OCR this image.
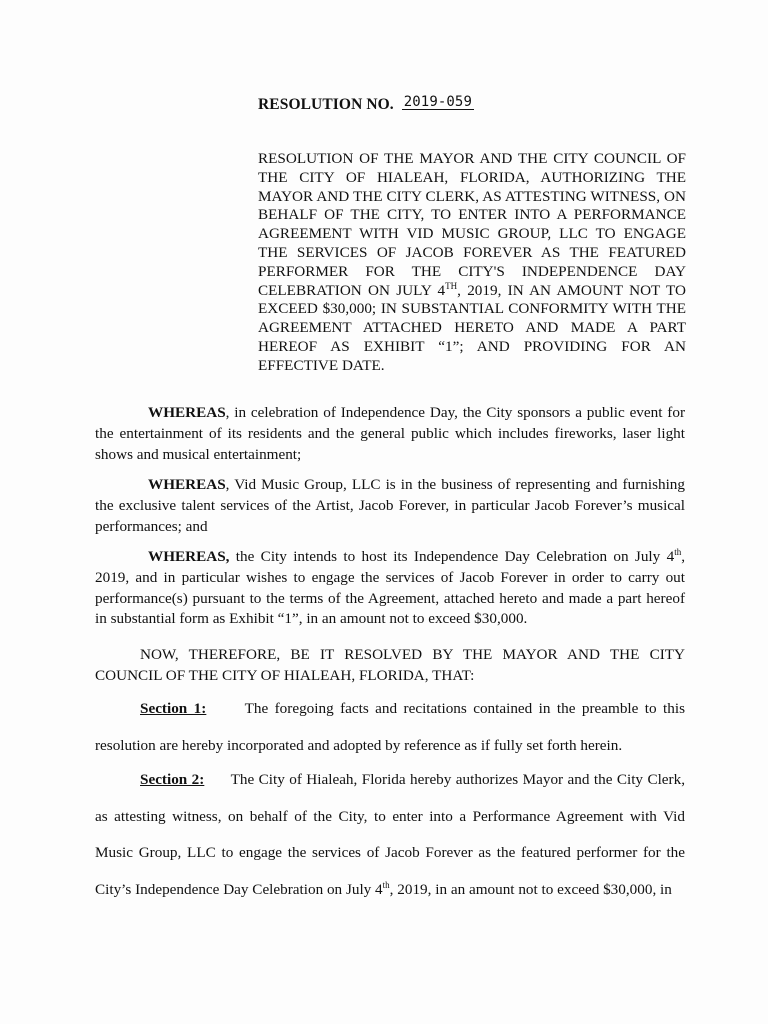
RESOLUTION NO. 2019-059
RESOLUTION OF THE MAYOR AND THE CITY COUNCIL OF
THE CITY OF HIALEAH, FLORIDA, AUTHORIZING THE
MAYOR AND THE CITY CLERK, AS ATTESTING WITNESS, ON
BEHALF OF THE CITY, TO ENTER INTO A PERFORMANCE
AGREEMENT WITH VID MUSIC GROUP, LLC TO ENGAGE
THE SERVICES OF JACOB FOREVER AS THE FEATURED
PERFORMER FOR THE CITY'S INDEPENDENCE DAY
CELEBRATION ON JULY 4TH, 2019, IN AN AMOUNT NOT TO
EXCEED $30,000; IN SUBSTANTIAL CONFORMITY WITH THE
AGREEMENT ATTACHED HERETO AND MADE A PART
HEREOF AS EXHIBIT “1”; AND PROVIDING FOR AN
EFFECTIVE DATE.

WHEREAS, in celebration of Independence Day, the City sponsors a public event for the entertainment of its residents and the general public which includes fireworks, laser light shows and musical entertainment;

WHEREAS, Vid Music Group, LLC is in the business of representing and furnishing the exclusive talent services of the Artist, Jacob Forever, in particular Jacob Forever’s musical performances; and

WHEREAS, the City intends to host its Independence Day Celebration on July 4th, 2019, and in particular wishes to engage the services of Jacob Forever in order to carry out performance(s) pursuant to the terms of the Agreement, attached hereto and made a part hereof in substantial form as Exhibit “1”, in an amount not to exceed $30,000.

NOW, THEREFORE, BE IT RESOLVED BY THE MAYOR AND THE CITY COUNCIL OF THE CITY OF HIALEAH, FLORIDA, THAT:

Section 1:	The foregoing facts and recitations contained in the preamble to this resolution are hereby incorporated and adopted by reference as if fully set forth herein.

Section 2: The City of Hialeah, Florida hereby authorizes Mayor and the City Clerk, as attesting witness, on behalf of the City, to enter into a Performance Agreement with Vid Music Group, LLC to engage the services of Jacob Forever as the featured performer for the City’s Independence Day Celebration on July 4th, 2019, in an amount not to exceed $30,000, in
